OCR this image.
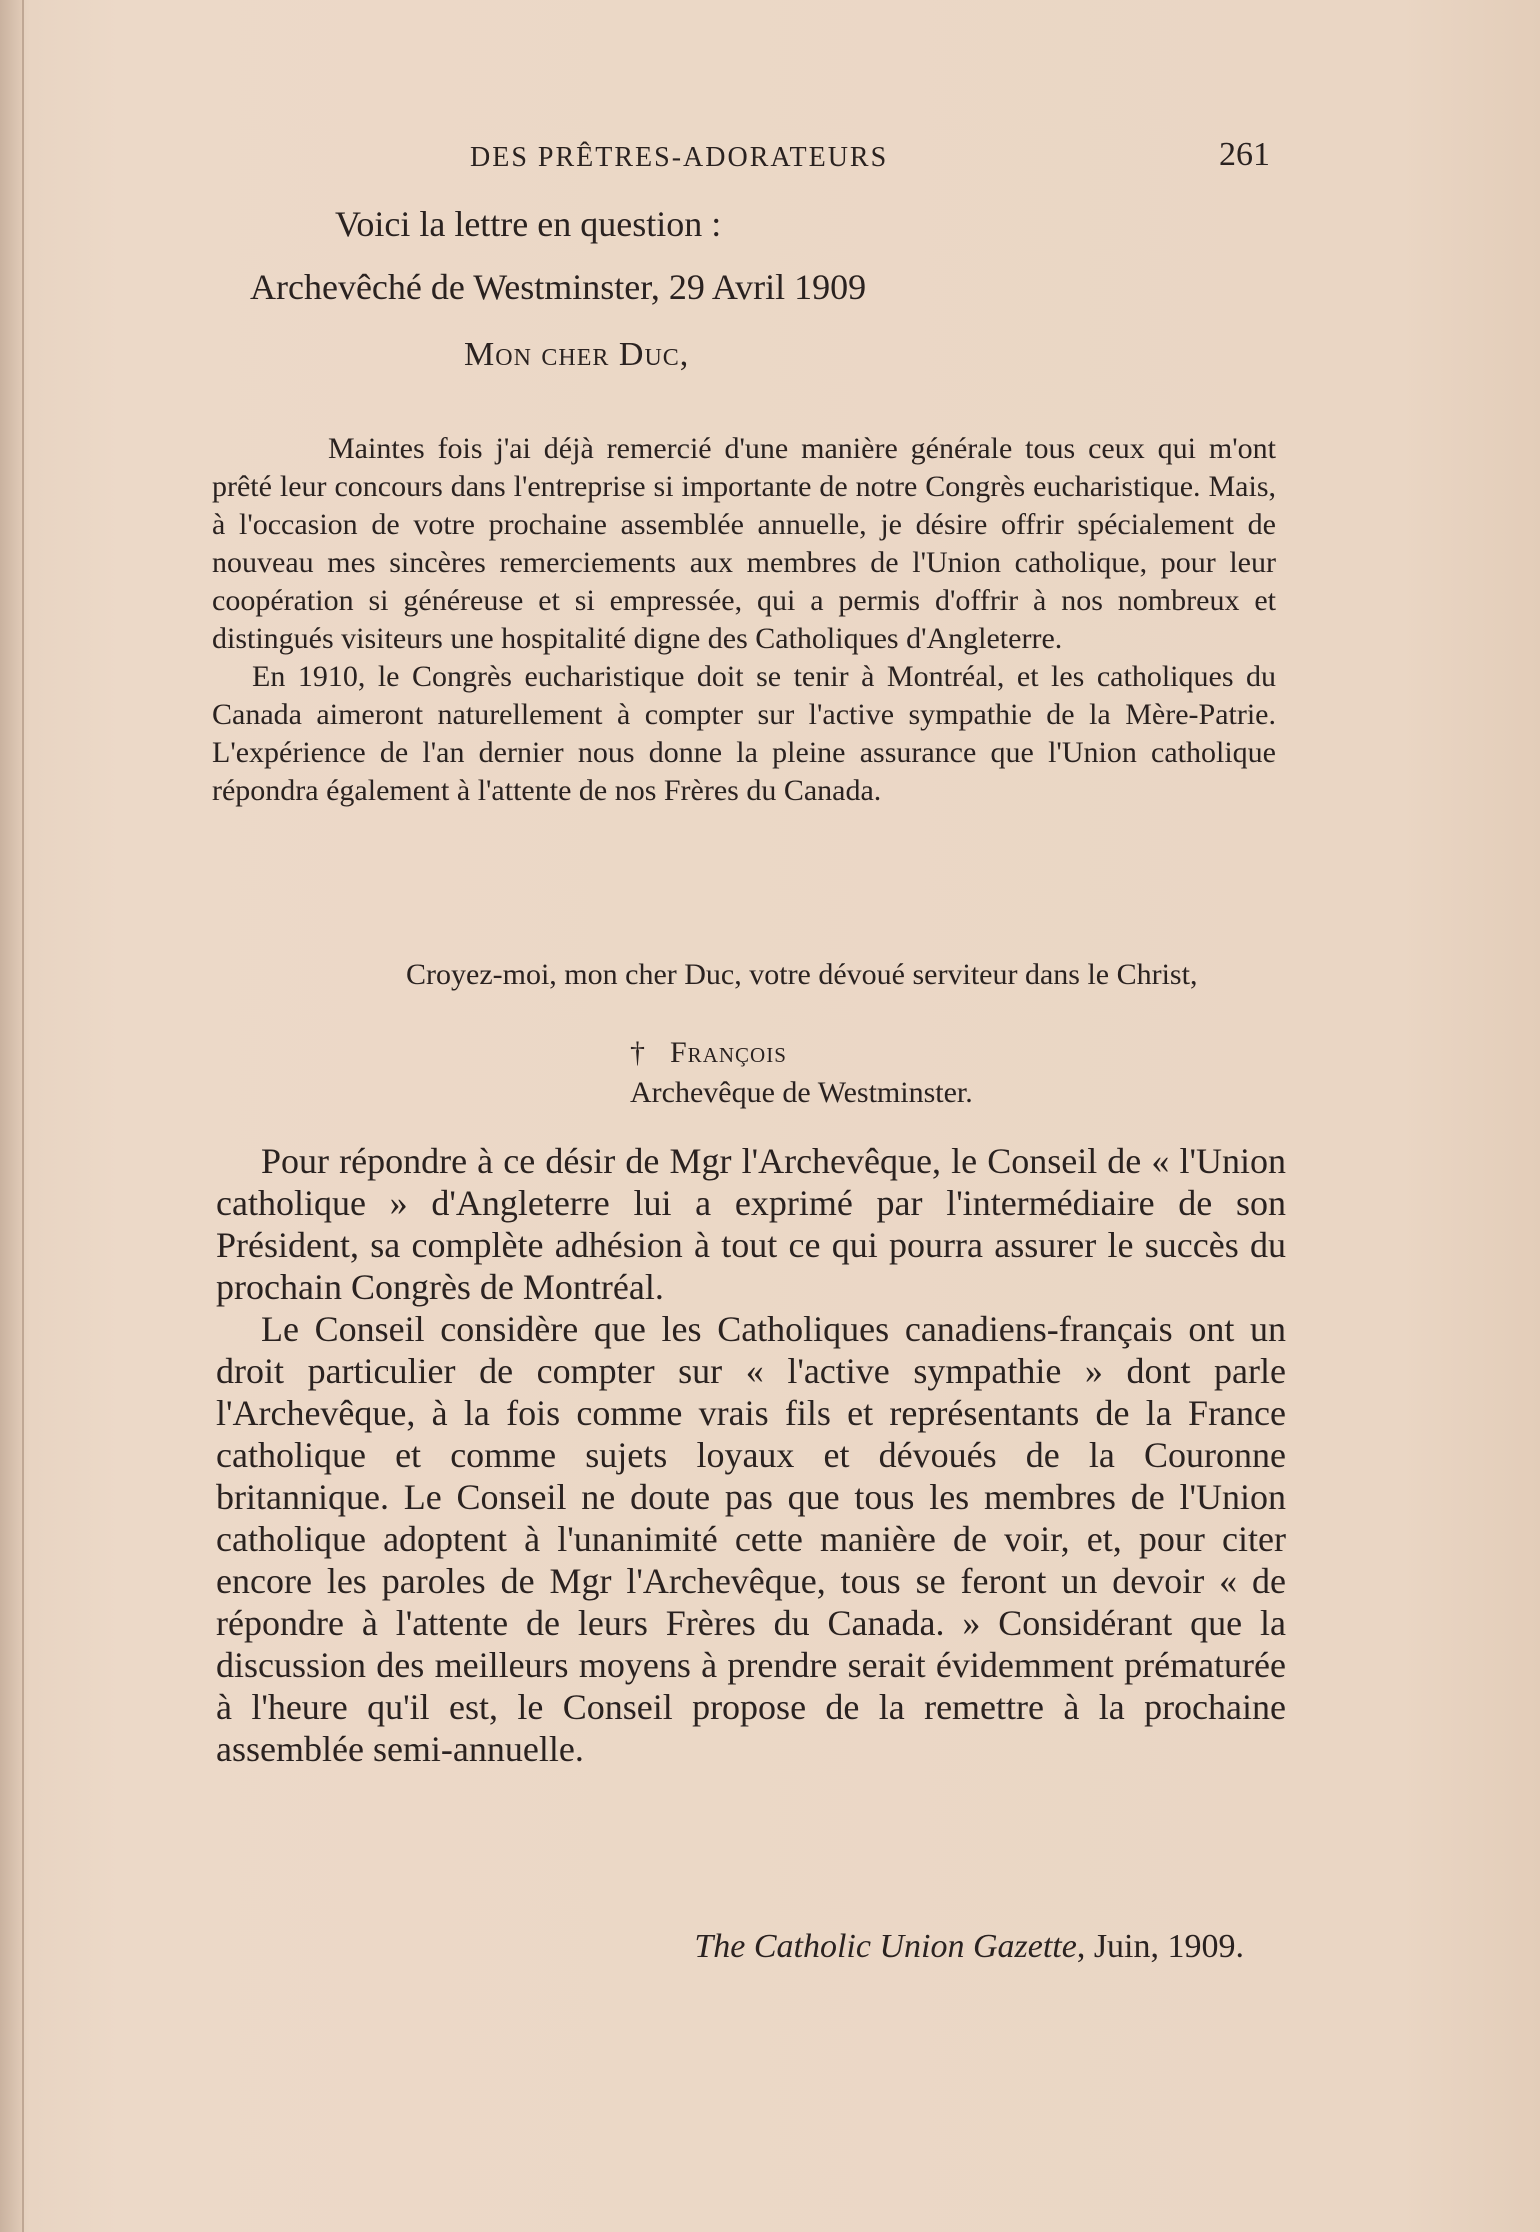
DES PRÊTRES-ADORATEURS	261
Voici la lettre en question :
Archevêché de Westminster, 29 Avril 1909
Mon cher Duc,

Maintes fois j'ai déjà remercié d'une manière générale tous ceux qui m'ont prêté leur concours dans l'entreprise si importante de notre Congrès eucharistique. Mais, à l'occasion de votre prochaine assemblée annuelle, je désire offrir spécialement de nouveau mes sincères remerciements aux membres de l'Union catholique, pour leur coopération si généreuse et si empressée, qui a permis d'offrir à nos nombreux et distingués visiteurs une hospitalité digne des Catholiques d'Angleterre.

En 1910, le Congrès eucharistique doit se tenir à Montréal, et les catholiques du Canada aimeront naturellement à compter sur l'active sympathie de la Mère-Patrie. L'expérience de l'an dernier nous donne la pleine assurance que l'Union catholique répondra également à l'attente de nos Frères du Canada.

Croyez-moi, mon cher Duc, votre dévoué serviteur dans le Christ,
† François
Archevêque de Westminster.

Pour répondre à ce désir de Mgr l'Archevêque, le Conseil de « l'Union catholique » d'Angleterre lui a exprimé par l'intermédiaire de son Président, sa complète adhésion à tout ce qui pourra assurer le succès du prochain Congrès de Montréal.

Le Conseil considère que les Catholiques canadiens-français ont un droit particulier de compter sur « l'active sympathie » dont parle l'Archevêque, à la fois comme vrais fils et représentants de la France catholique et comme sujets loyaux et dévoués de la Couronne britannique. Le Conseil ne doute pas que tous les membres de l'Union catholique adoptent à l'unanimité cette manière de voir, et, pour citer encore les paroles de Mgr l'Archevêque, tous se feront un devoir « de répondre à l'attente de leurs Frères du Canada. » Considérant que la discussion des meilleurs moyens à prendre serait évidemment prématurée à l'heure qu'il est, le Conseil propose de la remettre à la prochaine assemblée semi-annuelle.

The Catholic Union Gazette, Juin, 1909.
